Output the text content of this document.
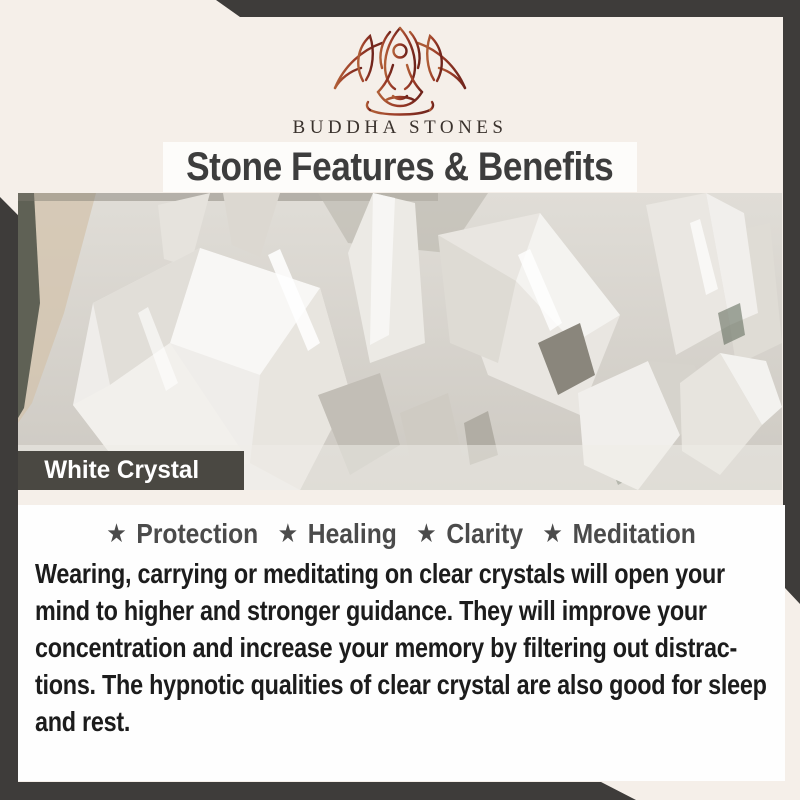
BUDDHA STONES
Stone Features & Benefits
White Crystal
★ Protection ★ Healing ★ Clarity ★ Meditation
Wearing, carrying or meditating on clear crystals will open your
mind to higher and stronger guidance. They will improve your
concentration and increase your memory by filtering out distrac-
tions. The hypnotic qualities of clear crystal are also good for sleep
and rest.
